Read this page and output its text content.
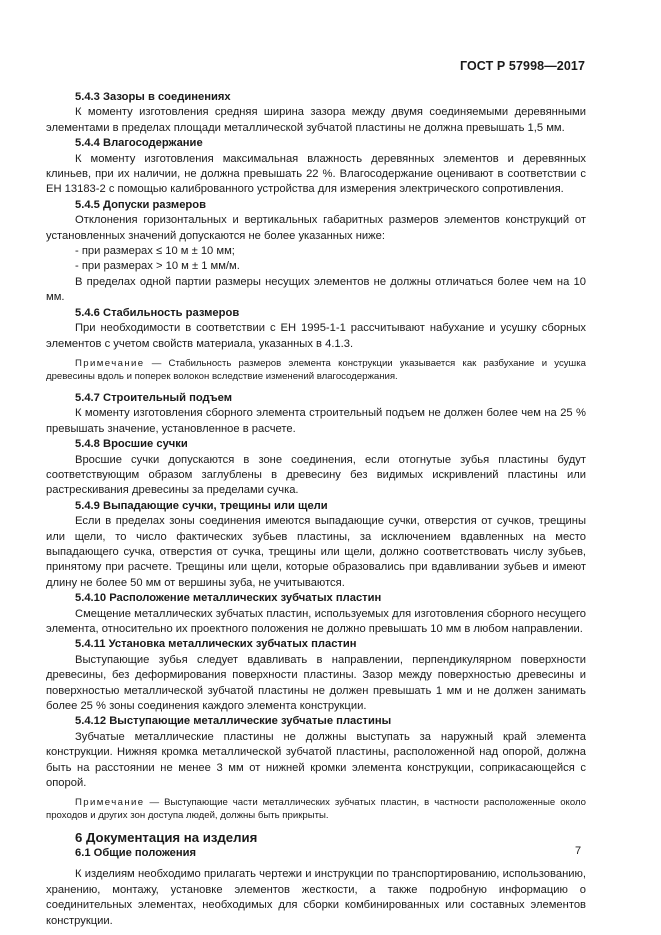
ГОСТ Р 57998—2017

5.4.3 Зазоры в соединениях

К моменту изготовления средняя ширина зазора между двумя соединяемыми деревянными элементами в пределах площади металлической зубчатой пластины не должна превышать 1,5 мм.

5.4.4 Влагосодержание

К моменту изготовления максимальная влажность деревянных элементов и деревянных клиньев, при их наличии, не должна превышать 22 %. Влагосодержание оценивают в соответствии с ЕН 13183-2 с помощью калиброванного устройства для измерения электрического сопротивления.

5.4.5 Допуски размеров

Отклонения горизонтальных и вертикальных габаритных размеров элементов конструкций от установленных значений допускаются не более указанных ниже:

- при размерах ≤ 10 м ± 10 мм;

- при размерах > 10 м ± 1 мм/м.

В пределах одной партии размеры несущих элементов не должны отличаться более чем на 10 мм.

5.4.6 Стабильность размеров

При необходимости в соответствии с ЕН 1995-1-1 рассчитывают набухание и усушку сборных элементов с учетом свойств материала, указанных в 4.1.3.

Примечание — Стабильность размеров элемента конструкции указывается как разбухание и усушка древесины вдоль и поперек волокон вследствие изменений влагосодержания.

5.4.7 Строительный подъем

К моменту изготовления сборного элемента строительный подъем не должен более чем на 25 % превышать значение, установленное в расчете.

5.4.8 Вросшие сучки

Вросшие сучки допускаются в зоне соединения, если отогнутые зубья пластины будут соответствующим образом заглублены в древесину без видимых искривлений пластины или растрескивания древесины за пределами сучка.

5.4.9 Выпадающие сучки, трещины или щели

Если в пределах зоны соединения имеются выпадающие сучки, отверстия от сучков, трещины или щели, то число фактических зубьев пластины, за исключением вдавленных на место выпадающего сучка, отверстия от сучка, трещины или щели, должно соответствовать числу зубьев, принятому при расчете. Трещины или щели, которые образовались при вдавливании зубьев и имеют длину не более 50 мм от вершины зуба, не учитываются.

5.4.10 Расположение металлических зубчатых пластин

Смещение металлических зубчатых пластин, используемых для изготовления сборного несущего элемента, относительно их проектного положения не должно превышать 10 мм в любом направлении.

5.4.11 Установка металлических зубчатых пластин

Выступающие зубья следует вдавливать в направлении, перпендикулярном поверхности древесины, без деформирования поверхности пластины. Зазор между поверхностью древесины и поверхностью металлической зубчатой пластины не должен превышать 1 мм и не должен занимать более 25 % зоны соединения каждого элемента конструкции.

5.4.12 Выступающие металлические зубчатые пластины

Зубчатые металлические пластины не должны выступать за наружный край элемента конструкции. Нижняя кромка металлической зубчатой пластины, расположенной над опорой, должна быть на расстоянии не менее 3 мм от нижней кромки элемента конструкции, соприкасающейся с опорой.

Примечание — Выступающие части металлических зубчатых пластин, в частности расположенные около проходов и других зон доступа людей, должны быть прикрыты.

6 Документация на изделия

6.1 Общие положения

К изделиям необходимо прилагать чертежи и инструкции по транспортированию, использованию, хранению, монтажу, установке элементов жесткости, а также подробную информацию о соединительных элементах, необходимых для сборки комбинированных или составных элементов конструкции.

7
